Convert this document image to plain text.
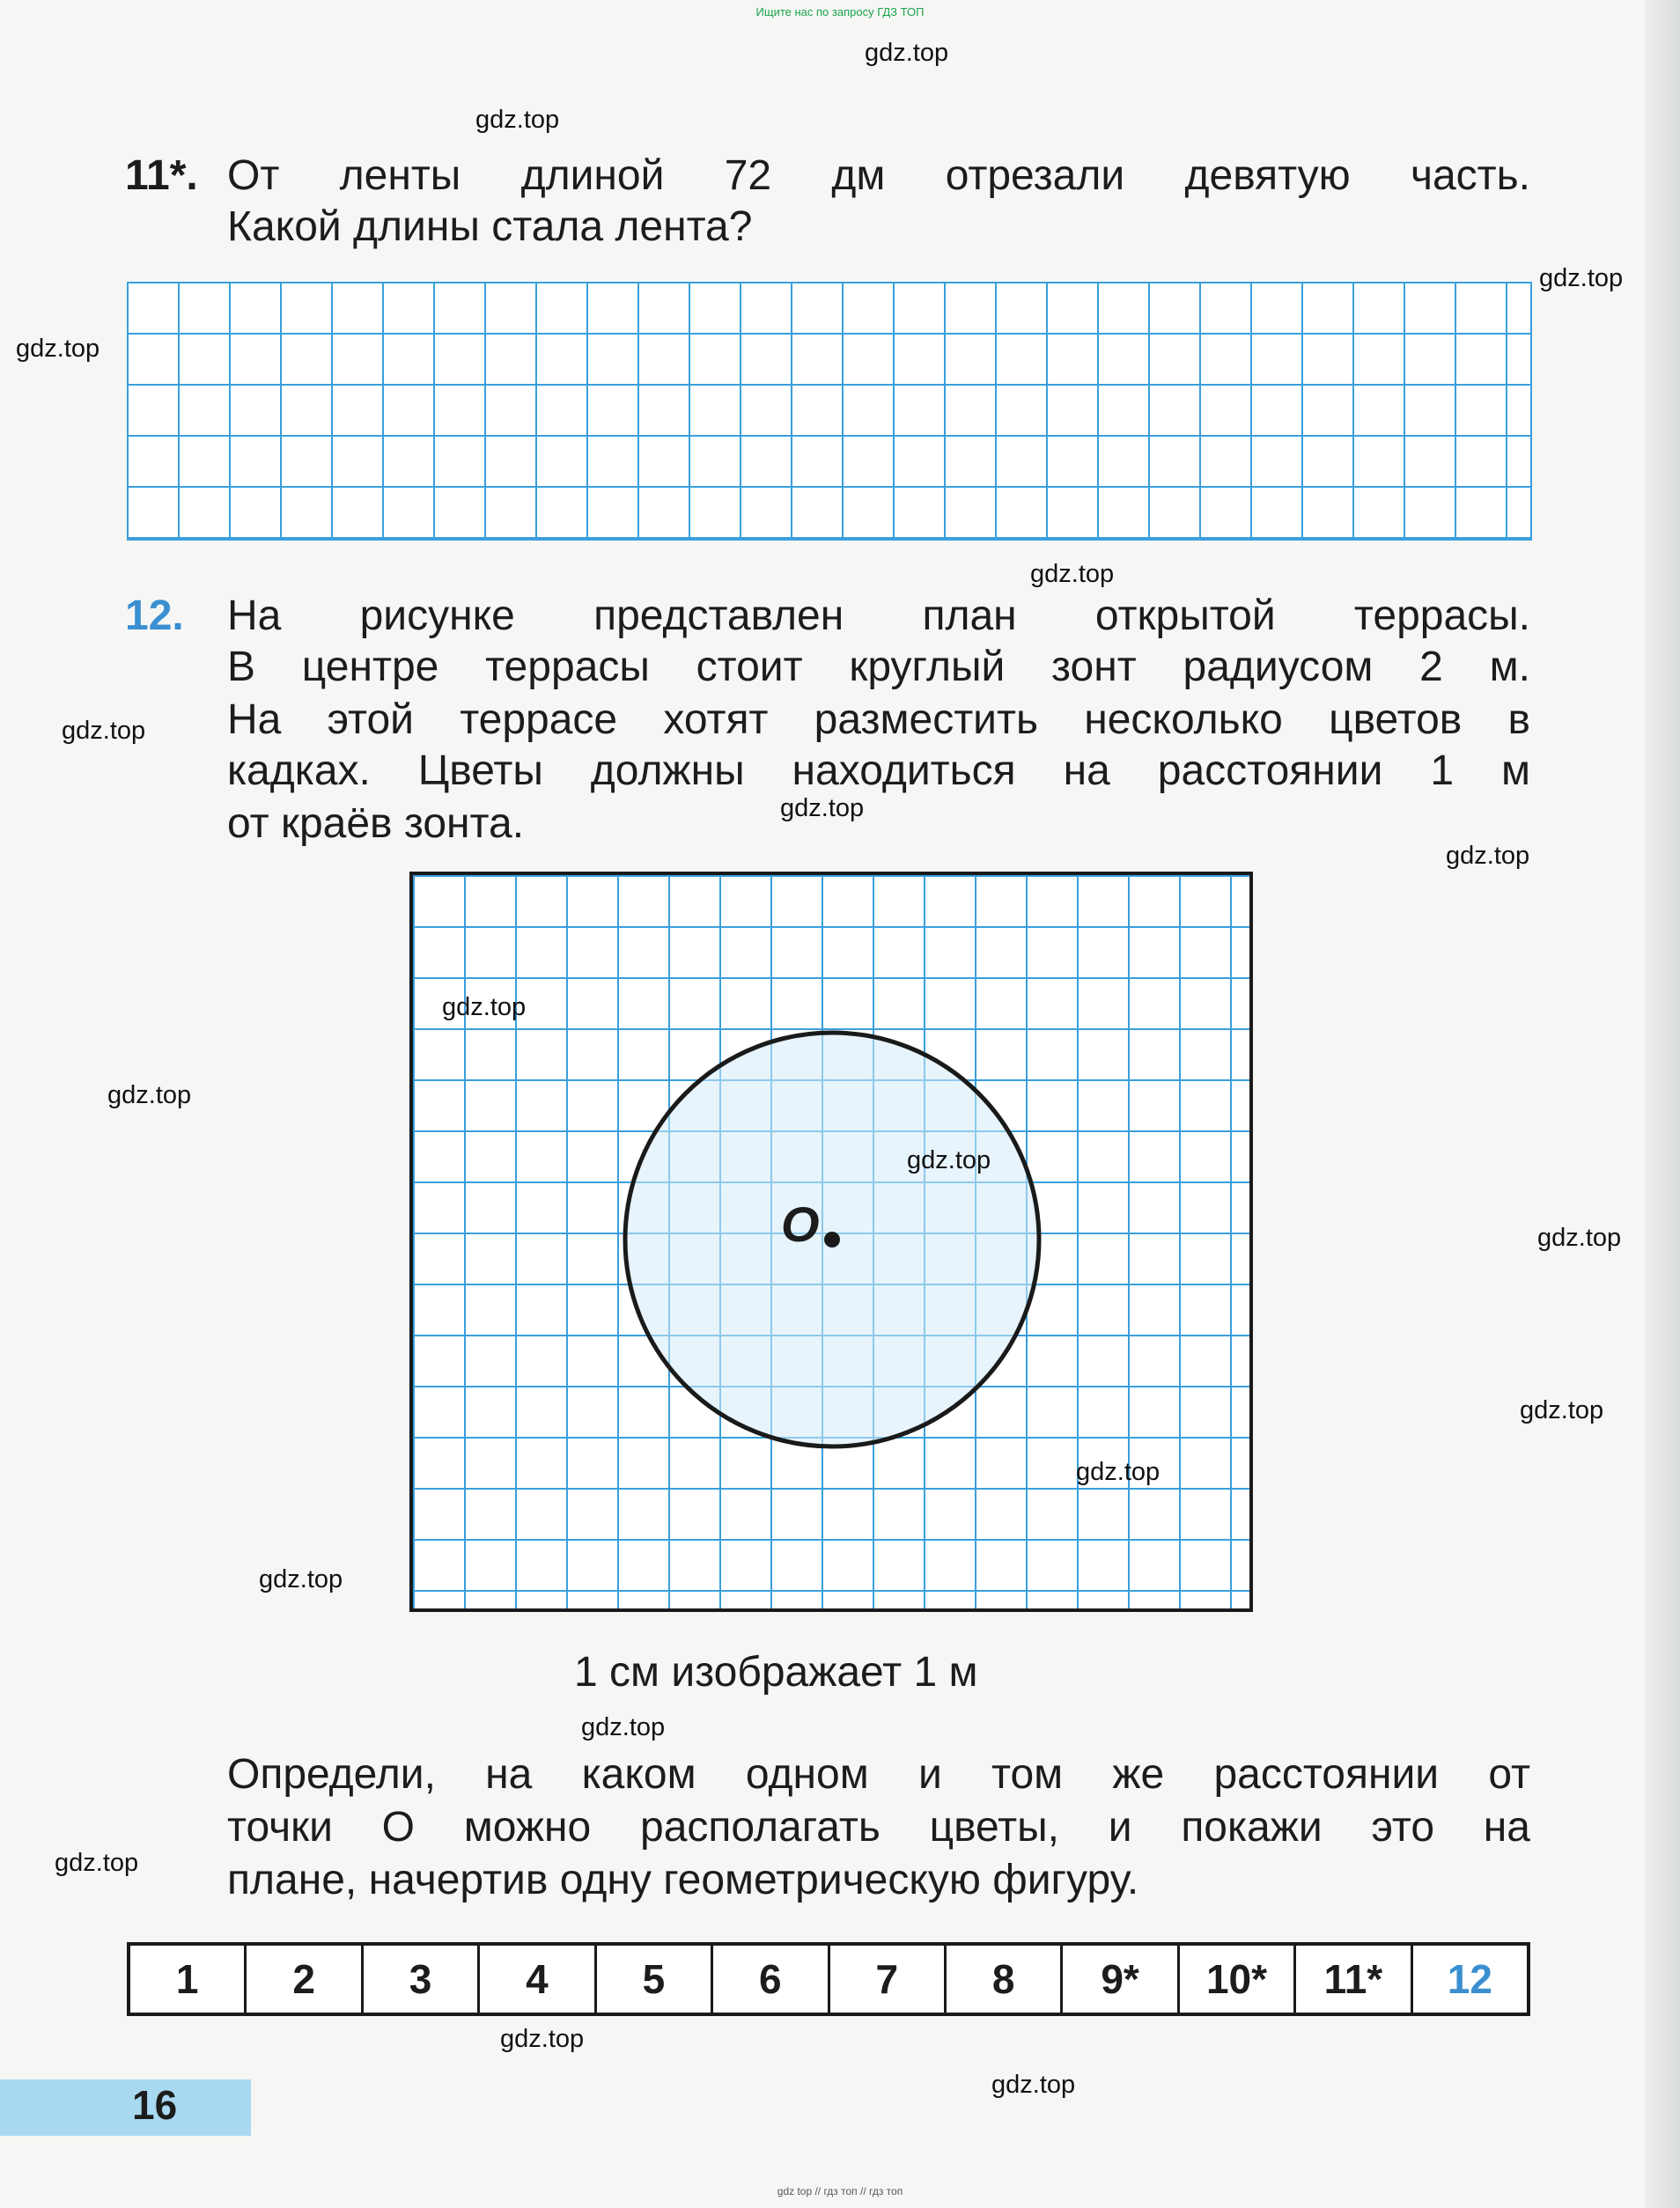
Ищите нас по запросу ГДЗ ТОП
11*. От ленты длиной 72 дм отрезали девятую часть.
Какой длины стала лента?
12. На рисунке представлен план открытой террасы.
В центре террасы стоит круглый зонт радиусом 2 м.
На этой террасе хотят разместить несколько цветов в
кадках. Цветы должны находиться на расстоянии 1 м
от краёв зонта.
O
1 см изображает 1 м
Определи, на каком одном и том же расстоянии от
точки О можно располагать цветы, и покажи это на
плане, начертив одну геометрическую фигуру.
1	2	3	4	5	6	7	8	9*	10*	11*	12
16
gdz.top
gdz.top
gdz.top
gdz.top
gdz.top
gdz.top
gdz.top
gdz.top
gdz.top
gdz.top
gdz.top
gdz.top
gdz.top
gdz.top
gdz.top
gdz.top
gdz.top
gdz.top
gdz.top
gdz top // гдз топ // гдз топ
